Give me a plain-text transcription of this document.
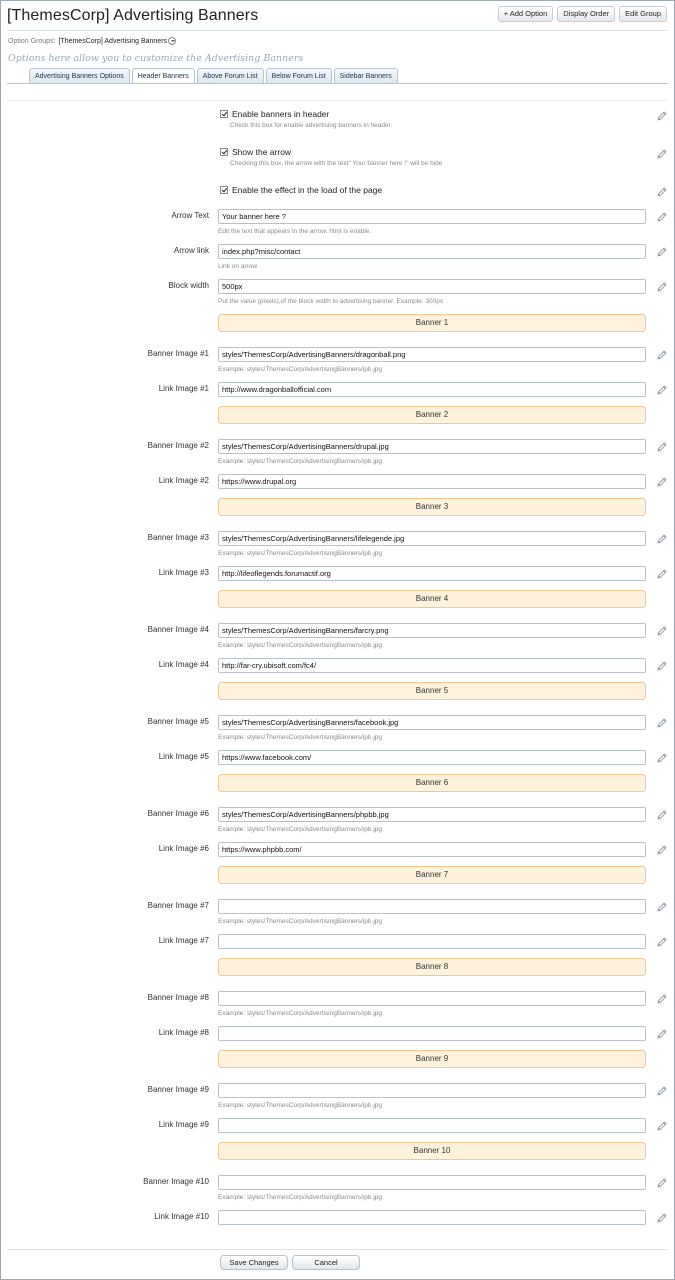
[ThemesCorp] Advertising Banners	+ Add Option	Display Order	Edit Group
Option Groups: [ThemesCorp] Advertising Banners
Options here allow you to customize the Advertising Banners
Advertising Banners Options	Header Banners	Above Forum List	Below Forum List	Sidebar Banners
Enable banners in header
Check this box for enable advertising banners in header.
Show the arrow
Checking this box, the arrow with the text" Your banner here !" will be hide
Enable the effect in the load of the page
Arrow Text	Your banner here ?
Edit the text that appears in the arrow. html is enable.
Arrow link	index.php?misc/contact
Link on arrow
Block width	500px
Put the value (pixels),of the block width to advertising banner. Example: 300px
Banner 1
Banner Image #1	styles/ThemesCorp/AdvertisingBanners/dragonball.png
Example: styles/ThemesCorp/AdvertisingBanners/ipb.jpg
Link Image #1	http://www.dragonballofficial.com
Banner 2
Banner Image #2	styles/ThemesCorp/AdvertisingBanners/drupal.jpg
Example: styles/ThemesCorp/AdvertisingBanners/ipb.jpg
Link Image #2	https://www.drupal.org
Banner 3
Banner Image #3	styles/ThemesCorp/AdvertisingBanners/lifelegende.jpg
Example: styles/ThemesCorp/AdvertisingBanners/ipb.jpg
Link Image #3	http://lifeoflegends.forumactif.org
Banner 4
Banner Image #4	styles/ThemesCorp/AdvertisingBanners/farcry.png
Example: styles/ThemesCorp/AdvertisingBanners/ipb.jpg
Link Image #4	http://far-cry.ubisoft.com/fc4/
Banner 5
Banner Image #5	styles/ThemesCorp/AdvertisingBanners/facebook.jpg
Example: styles/ThemesCorp/AdvertisingBanners/ipb.jpg
Link Image #5	https://www.facebook.com/
Banner 6
Banner Image #6	styles/ThemesCorp/AdvertisingBanners/phpbb.jpg
Example: styles/ThemesCorp/AdvertisingBanners/ipb.jpg
Link Image #6	https://www.phpbb.com/
Banner 7
Banner Image #7
Example: styles/ThemesCorp/AdvertisingBanners/ipb.jpg
Link Image #7
Banner 8
Banner Image #8
Example: styles/ThemesCorp/AdvertisingBanners/ipb.jpg
Link Image #8
Banner 9
Banner Image #9
Example: styles/ThemesCorp/AdvertisingBanners/ipb.jpg
Link Image #9
Banner 10
Banner Image #10
Example: styles/ThemesCorp/AdvertisingBanners/ipb.jpg
Link Image #10
Save Changes	Cancel
